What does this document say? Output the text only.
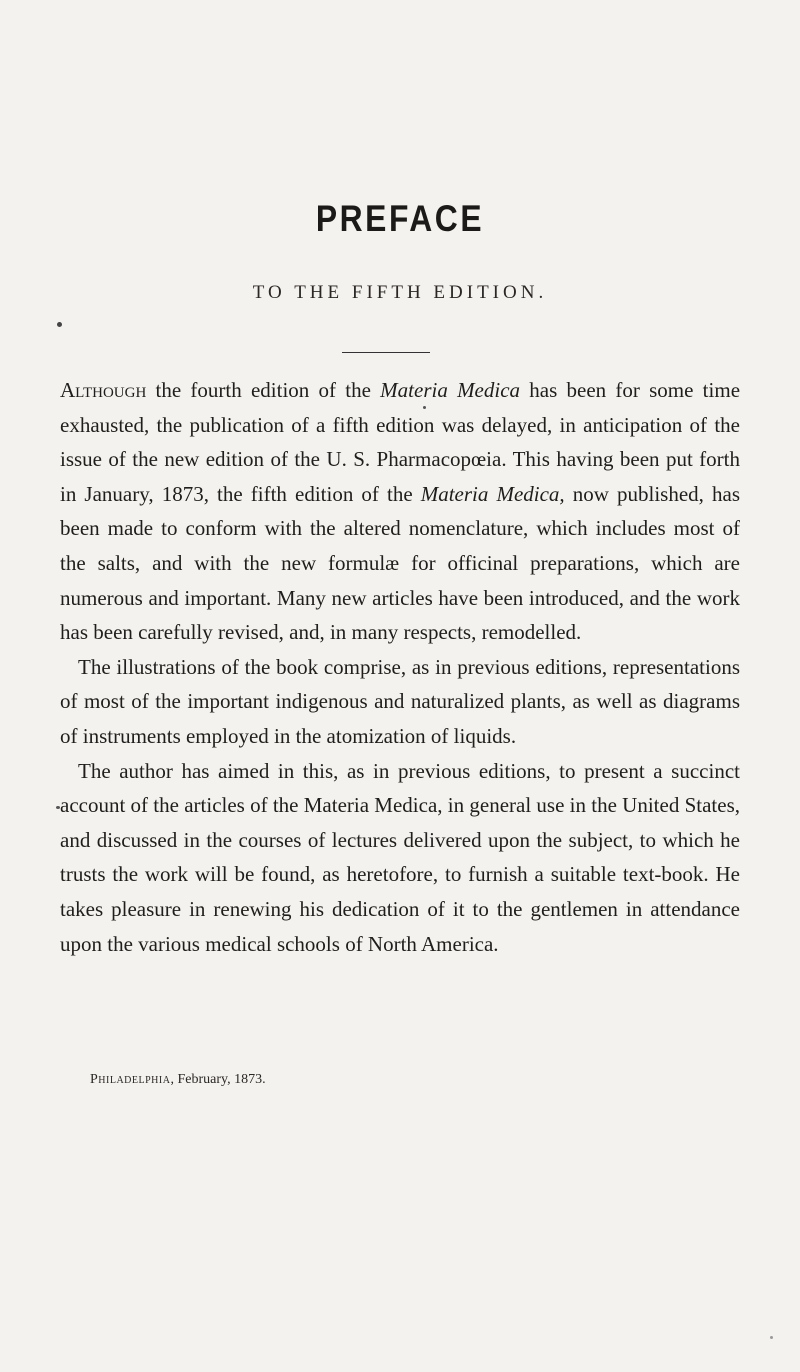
PREFACE
TO THE FIFTH EDITION.

Although the fourth edition of the Materia Medica has been for some time exhausted, the publication of a fifth edition was delayed, in anticipation of the issue of the new edition of the U. S. Pharmacopœia. This having been put forth in January, 1873, the fifth edition of the Materia Medica, now published, has been made to conform with the altered nomenclature, which includes most of the salts, and with the new formulæ for officinal preparations, which are numerous and important. Many new articles have been introduced, and the work has been carefully revised, and, in many respects, remodelled.

The illustrations of the book comprise, as in previous editions, representations of most of the important indigenous and naturalized plants, as well as diagrams of instruments employed in the atomization of liquids.

The author has aimed in this, as in previous editions, to present a succinct account of the articles of the Materia Medica, in general use in the United States, and discussed in the courses of lectures delivered upon the subject, to which he trusts the work will be found, as heretofore, to furnish a suitable text-book. He takes pleasure in renewing his dedication of it to the gentlemen in attendance upon the various medical schools of North America.

Philadelphia, February, 1873.
